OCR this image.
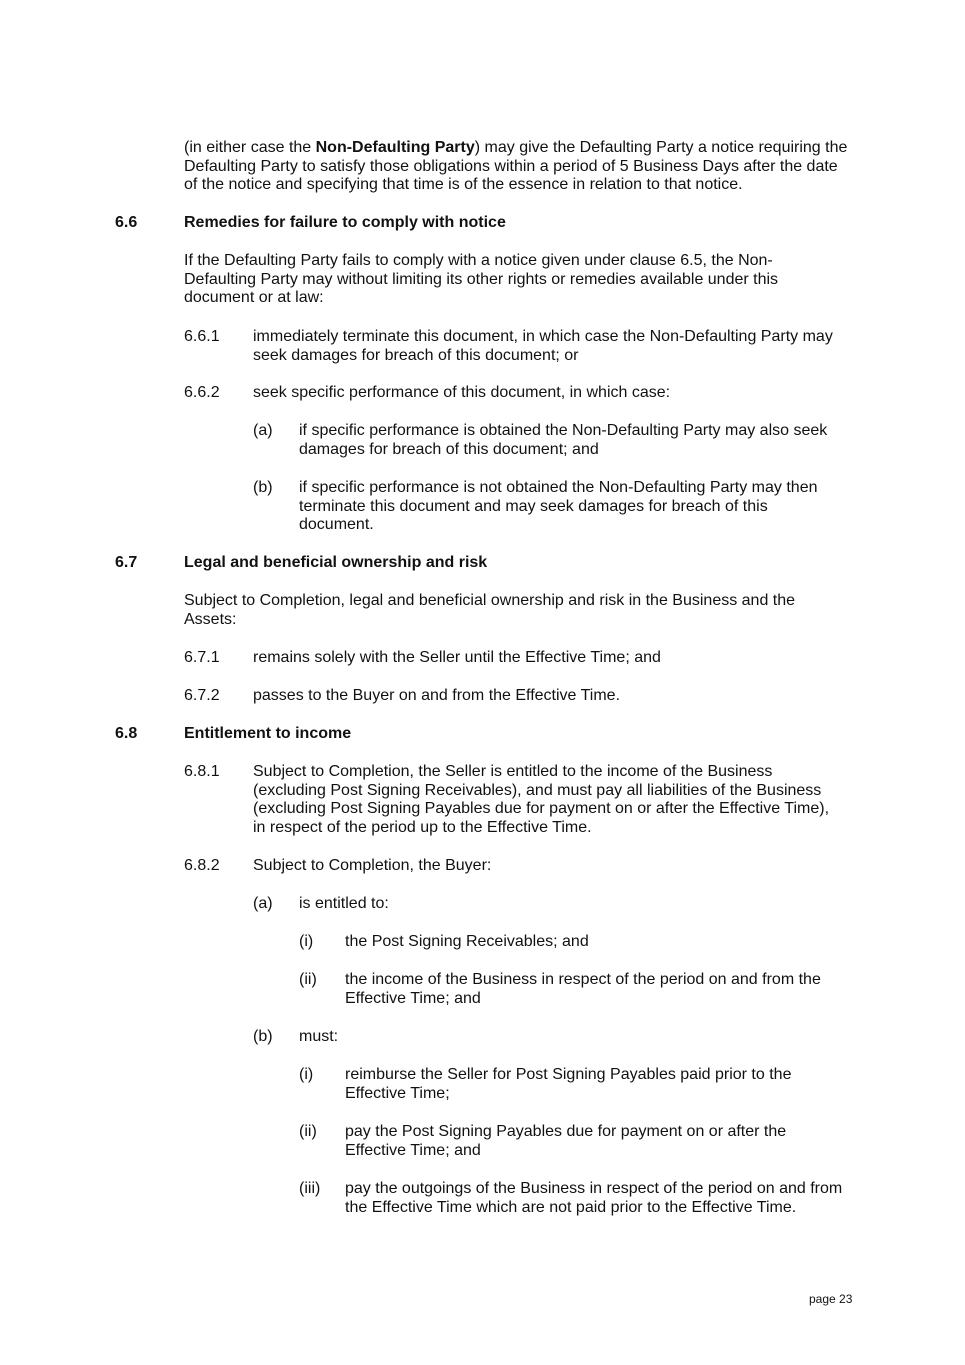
(in either case the Non-Defaulting Party) may give the Defaulting Party a notice requiring the Defaulting Party to satisfy those obligations within a period of 5 Business Days after the date of the notice and specifying that time is of the essence in relation to that notice.
6.6	Remedies for failure to comply with notice
If the Defaulting Party fails to comply with a notice given under clause 6.5, the Non-Defaulting Party may without limiting its other rights or remedies available under this document or at law:
6.6.1 immediately terminate this document, in which case the Non-Defaulting Party may seek damages for breach of this document; or
6.6.2 seek specific performance of this document, in which case:
(a) if specific performance is obtained the Non-Defaulting Party may also seek damages for breach of this document; and
(b) if specific performance is not obtained the Non-Defaulting Party may then terminate this document and may seek damages for breach of this document.
6.7	Legal and beneficial ownership and risk
Subject to Completion, legal and beneficial ownership and risk in the Business and the Assets:
6.7.1 remains solely with the Seller until the Effective Time; and
6.7.2 passes to the Buyer on and from the Effective Time.
6.8	Entitlement to income
6.8.1 Subject to Completion, the Seller is entitled to the income of the Business (excluding Post Signing Receivables), and must pay all liabilities of the Business (excluding Post Signing Payables due for payment on or after the Effective Time), in respect of the period up to the Effective Time.
6.8.2 Subject to Completion, the Buyer:
(a) is entitled to:
(i) the Post Signing Receivables; and
(ii) the income of the Business in respect of the period on and from the Effective Time; and
(b) must:
(i) reimburse the Seller for Post Signing Payables paid prior to the Effective Time;
(ii) pay the Post Signing Payables due for payment on or after the Effective Time; and
(iii) pay the outgoings of the Business in respect of the period on and from the Effective Time which are not paid prior to the Effective Time.
page 23
